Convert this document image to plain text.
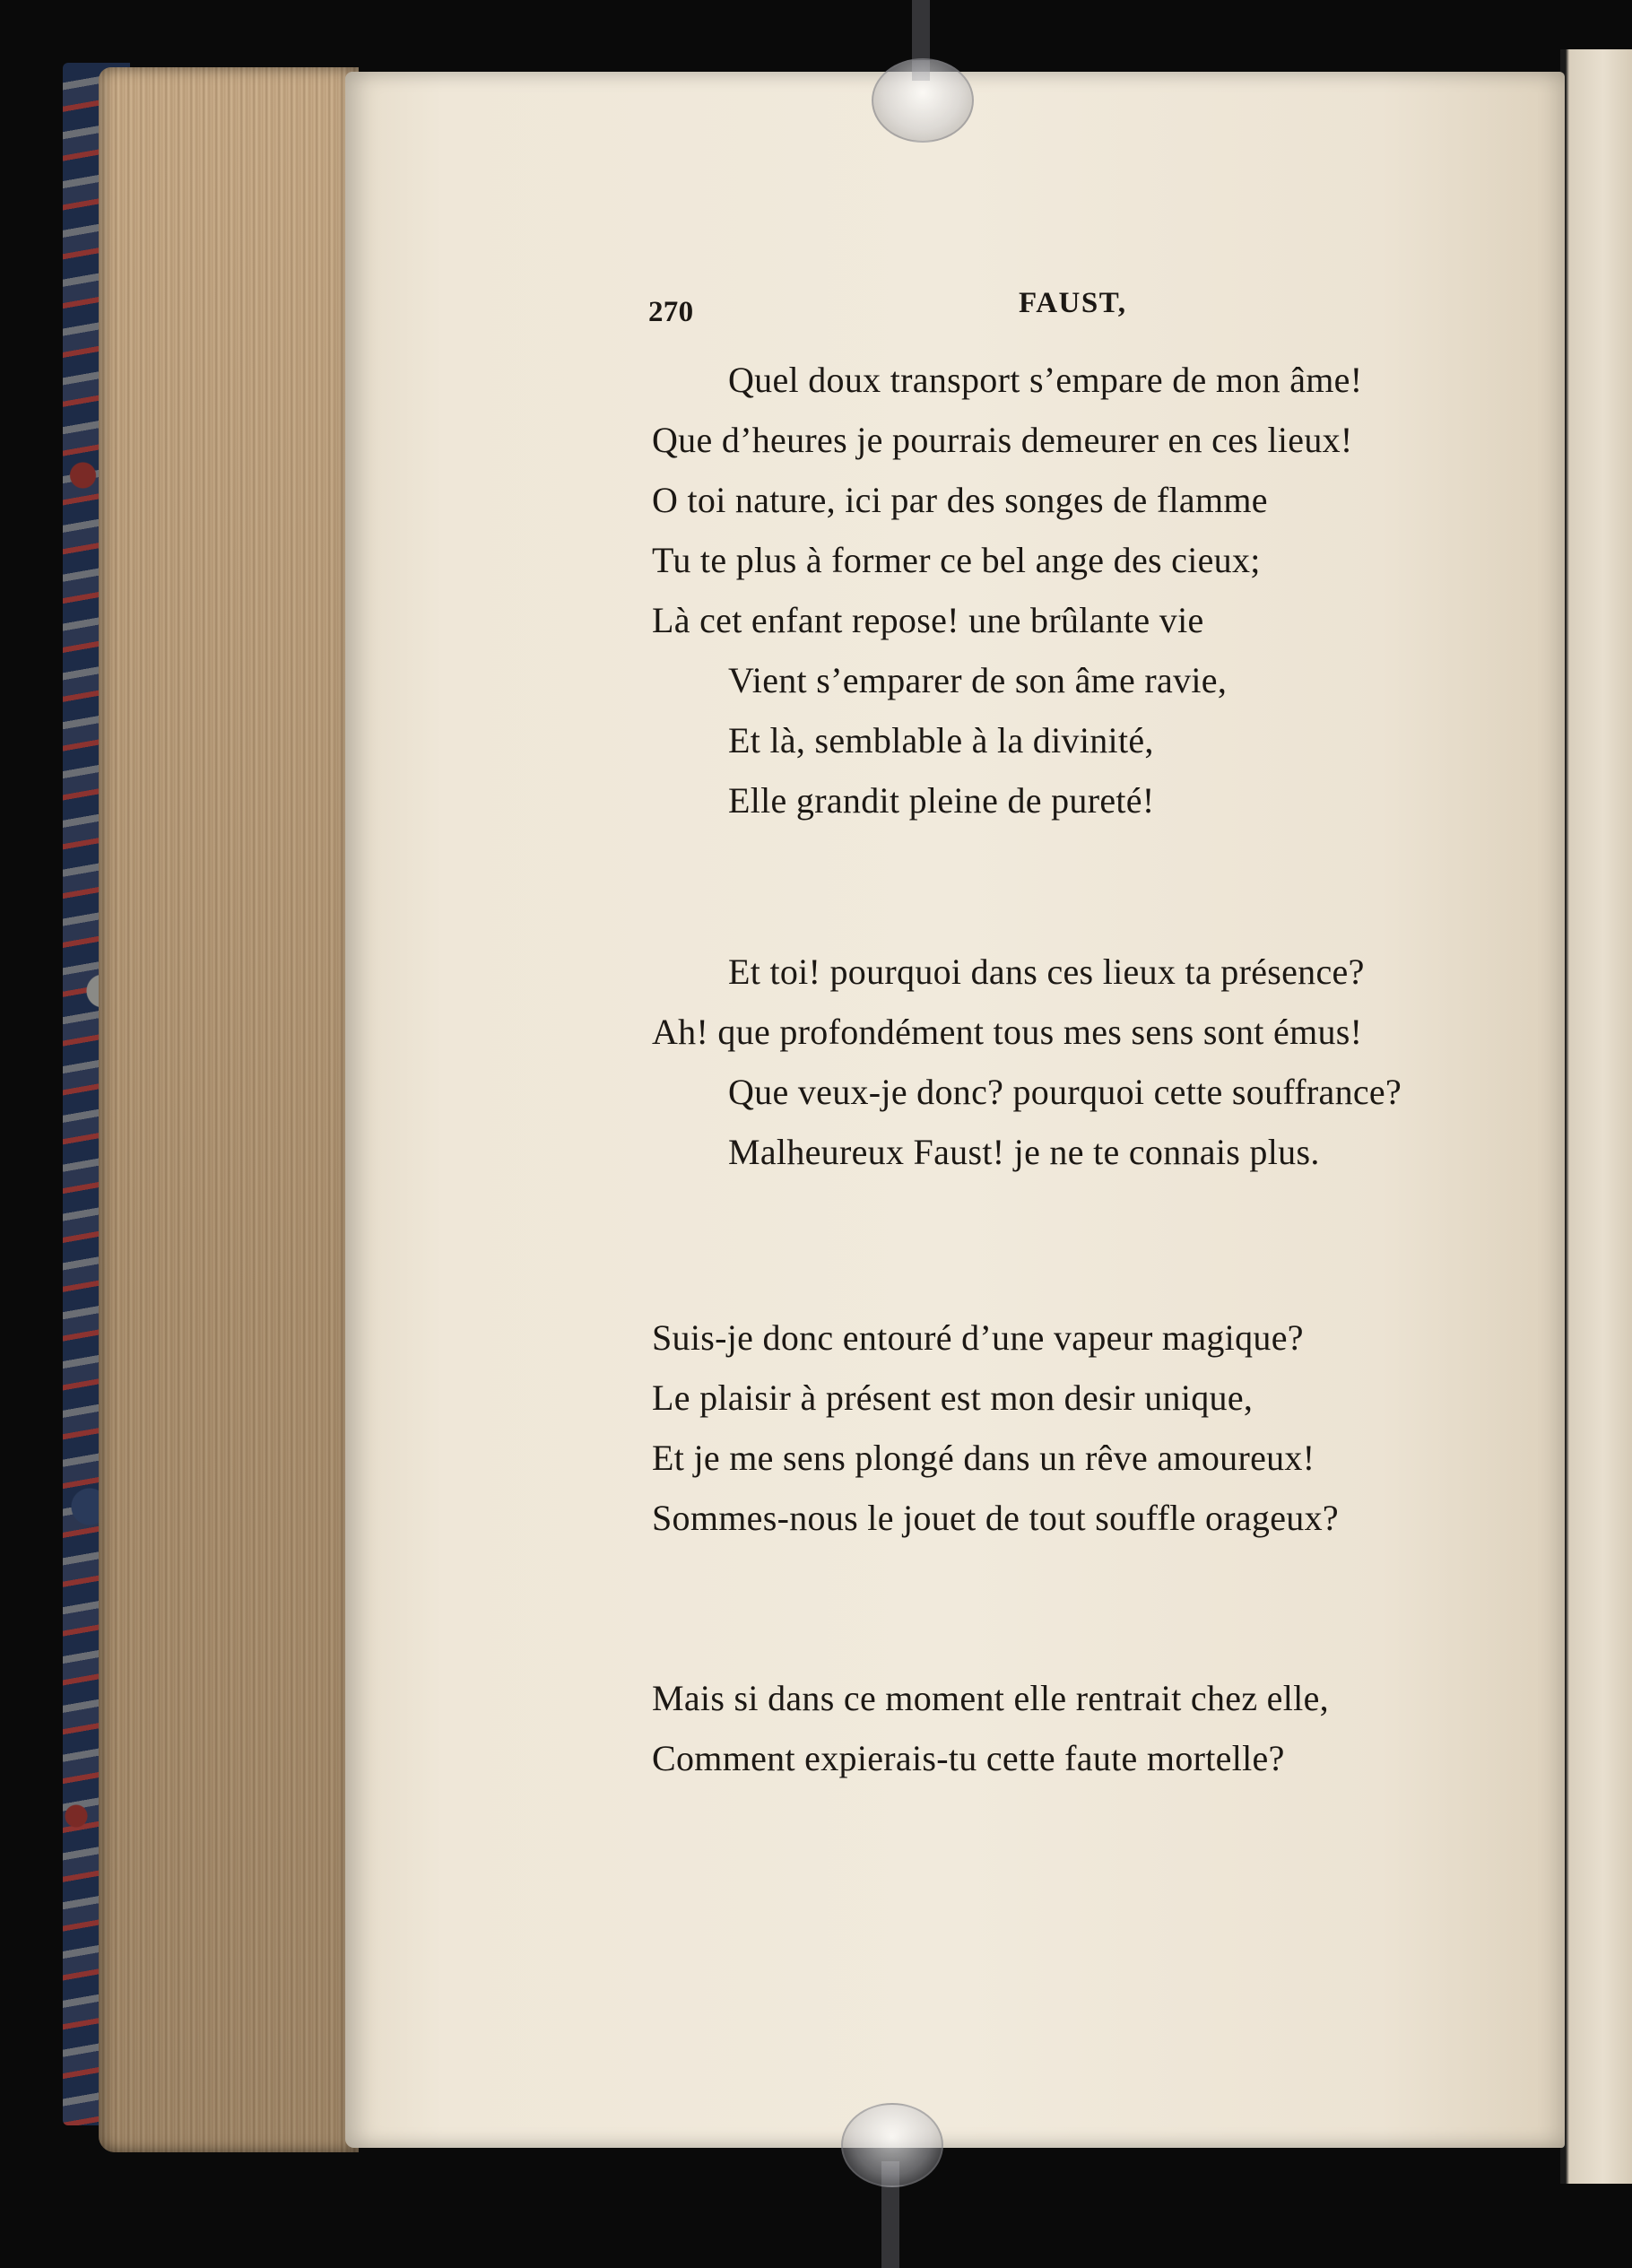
270	FAUST,
Quel doux transport s’empare de mon âme!
Que d’heures je pourrais demeurer en ces lieux!
O toi nature, ici par des songes de flamme
Tu te plus à former ce bel ange des cieux;
Là cet enfant repose! une brûlante vie
Vient s’emparer de son âme ravie,
Et là, semblable à la divinité,
Elle grandit pleine de pureté!
Et toi! pourquoi dans ces lieux ta présence?
Ah! que profondément tous mes sens sont émus!
Que veux-je donc? pourquoi cette souffrance?
Malheureux Faust! je ne te connais plus.
Suis-je donc entouré d’une vapeur magique?
Le plaisir à présent est mon desir unique,
Et je me sens plongé dans un rêve amoureux!
Sommes-nous le jouet de tout souffle orageux?
Mais si dans ce moment elle rentrait chez elle,
Comment expierais-tu cette faute mortelle?
